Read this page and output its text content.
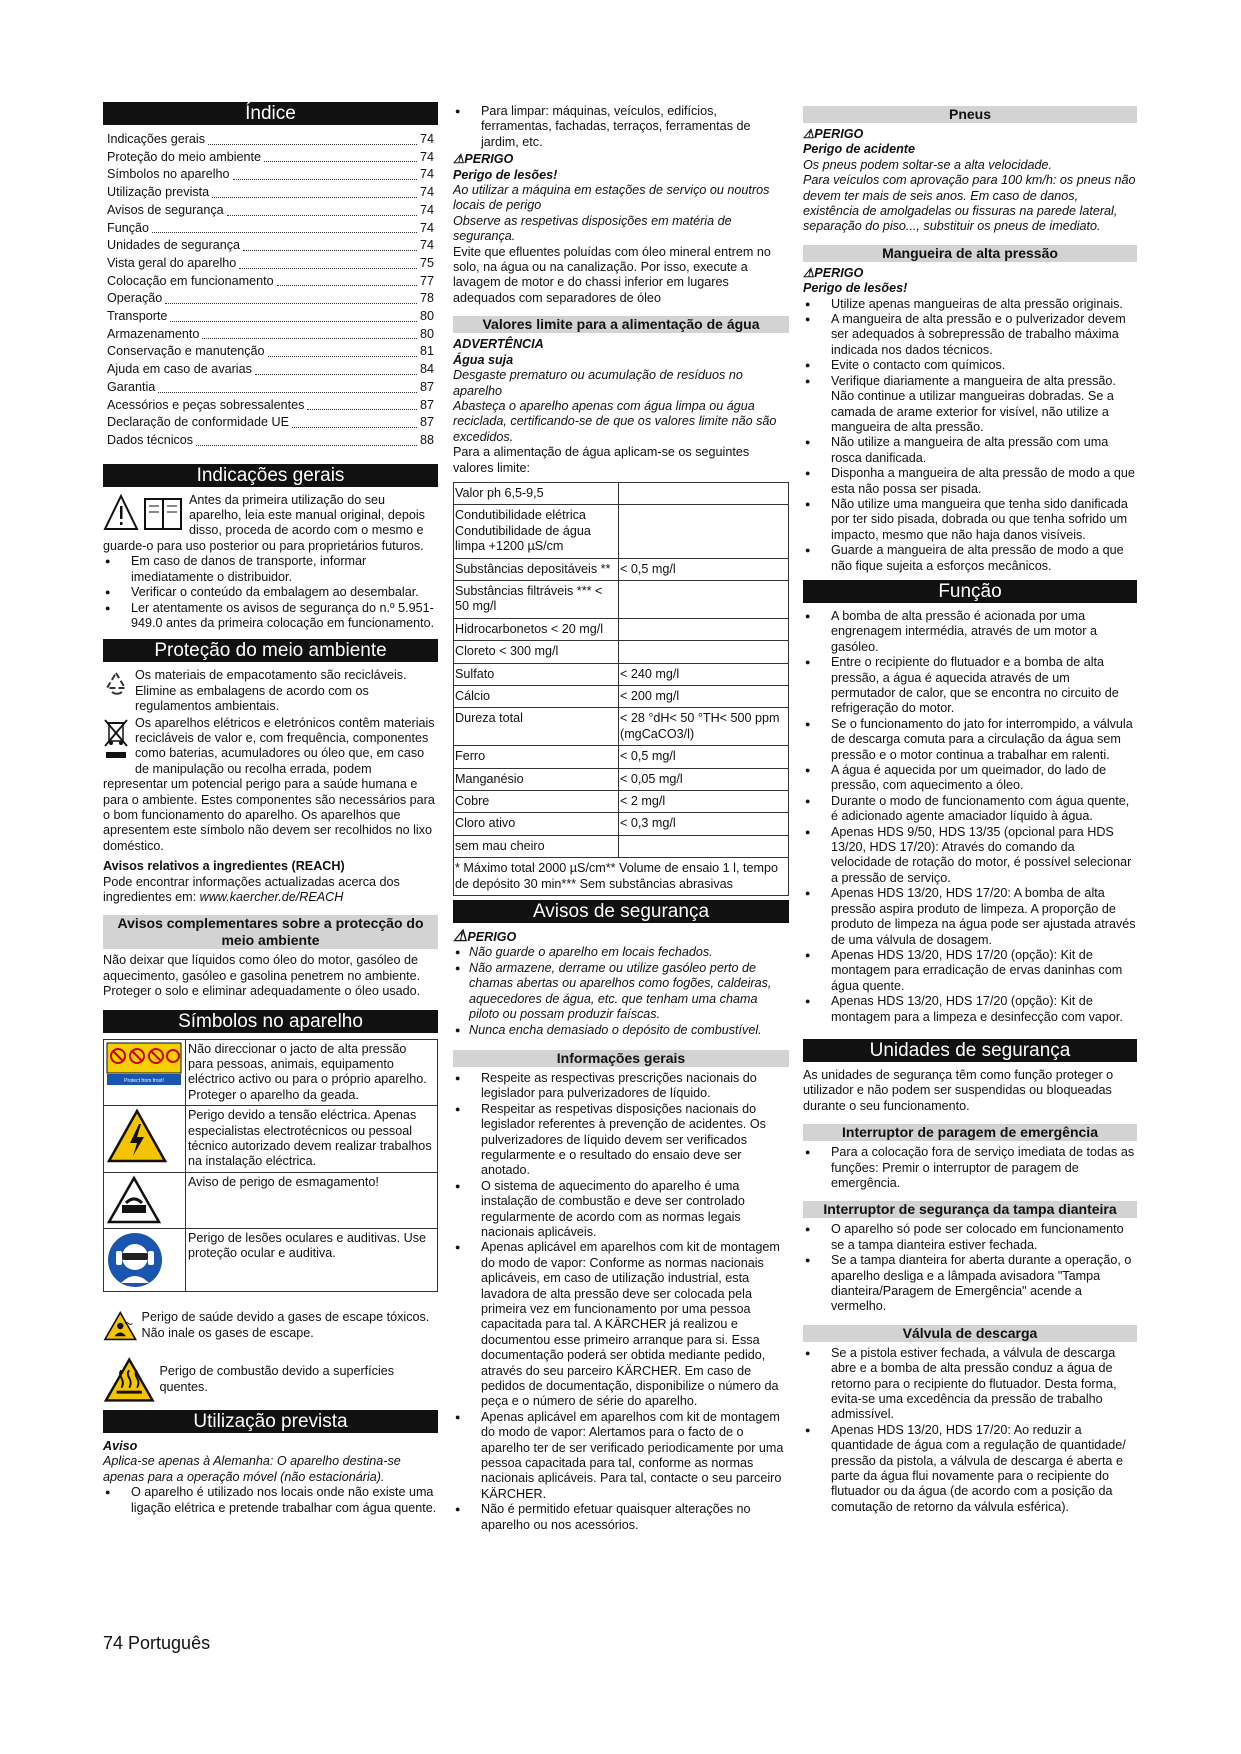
Índice
Indicações gerais	74
Proteção do meio ambiente	74
Símbolos no aparelho	74
Utilização prevista	74
Avisos de segurança	74
Função	74
Unidades de segurança	74
Vista geral do aparelho	75
Colocação em funcionamento	77
Operação	78
Transporte	80
Armazenamento	80
Conservação e manutenção	81
Ajuda em caso de avarias	84
Garantia	87
Acessórios e peças sobressalentes	87
Declaração de conformidade UE	87
Dados técnicos	88
Indicações gerais

Antes da primeira utilização do seu aparelho, leia este manual original, depois disso, proceda de acordo com o mesmo e guarde-o para uso posterior ou para proprietários futuros.

● Em caso de danos de transporte, informar imediatamente o distribuidor.
● Verificar o conteúdo da embalagem ao desembalar.
● Ler atentamente os avisos de segurança do n.º 5.951-949.0 antes da primeira colocação em funcionamento.
Proteção do meio ambiente

Os materiais de empacotamento são recicláveis. Elimine as embalagens de acordo com os regulamentos ambientais.

Os aparelhos elétricos e eletrónicos contêm materiais recicláveis de valor e, com frequência, componentes como baterias, acumuladores ou óleo que, em caso de manipulação ou recolha errada, podem representar um potencial perigo para a saúde humana e para o ambiente. Estes componentes são necessários para o bom funcionamento do aparelho. Os aparelhos que apresentem este símbolo não devem ser recolhidos no lixo doméstico.

Avisos relativos a ingredientes (REACH)

Pode encontrar informações actualizadas acerca dos ingredientes em: www.kaercher.de/REACH

Avisos complementares sobre a protecção do meio ambiente

Não deixar que líquidos como óleo do motor, gasóleo de aquecimento, gasóleo e gasolina penetrem no ambiente. Proteger o solo e eliminar adequadamente o óleo usado.

Símbolos no aparelho
Protect from frost!	Não direccionar o jacto de alta pressão para pessoas, animais, equipamento eléctrico activo ou para o próprio aparelho.

Proteger o aparelho da geada.

	Perigo devido a tensão eléctrica. Apenas especialistas electrotécnicos ou pessoal técnico autorizado devem realizar trabalhos na instalação eléctrica.

	Aviso de perigo de esmagamento!

	Perigo de lesões oculares e auditivas. Use proteção ocular e auditiva.

Perigo de saúde devido a gases de escape tóxicos. Não inale os gases de escape.

Perigo de combustão devido a superfícies quentes.

Utilização prevista

Aviso

Aplica-se apenas à Alemanha: O aparelho destina-se apenas para a operação móvel (não estacionária).

● O aparelho é utilizado nos locais onde não existe uma ligação elétrica e pretende trabalhar com água quente.
● Para limpar: máquinas, veículos, edifícios, ferramentas, fachadas, terraços, ferramentas de jardim, etc.

⚠PERIGO

Perigo de lesões!

Ao utilizar a máquina em estações de serviço ou noutros locais de perigo

Observe as respetivas disposições em matéria de segurança.

Evite que efluentes poluídas com óleo mineral entrem no solo, na água ou na canalização. Por isso, execute a lavagem de motor e do chassi inferior em lugares adequados com separadores de óleo

Valores limite para a alimentação de água

ADVERTÊNCIA

Água suja

Desgaste prematuro ou acumulação de resíduos no aparelho

Abasteça o aparelho apenas com água limpa ou água reciclada, certificando-se de que os valores limite não são excedidos.

Para a alimentação de água aplicam-se os seguintes valores limite:

Valor ph 6,5-9,5	
Condutibilidade elétrica Condutibilidade de água limpa +1200 µS/cm	
Substâncias depositáveis **	< 0,5 mg/l
Substâncias filtráveis *** < 50 mg/l	
Hidrocarbonetos < 20 mg/l	
Cloreto < 300 mg/l	
Sulfato	< 240 mg/l
Cálcio	< 200 mg/l
Dureza total	< 28 °dH< 50 °TH< 500 ppm (mgCaCO3/l)
Ferro	< 0,5 mg/l
Manganésio	< 0,05 mg/l
Cobre	< 2 mg/l
Cloro ativo	< 0,3 mg/l
sem mau cheiro	
* Máximo total 2000 µS/cm** Volume de ensaio 1 l, tempo de depósito 30 min*** Sem substâncias abrasivas	
Avisos de segurança

⚠PERIGO

● Não guarde o aparelho em locais fechados.
● Não armazene, derrame ou utilize gasóleo perto de chamas abertas ou aparelhos como fogões, caldeiras, aquecedores de água, etc. que tenham uma chama piloto ou possam produzir faíscas.
● Nunca encha demasiado o depósito de combustível.
Informações gerais
● Respeite as respectivas prescrições nacionais do legislador para pulverizadores de líquido.
● Respeitar as respetivas disposições nacionais do legislador referentes à prevenção de acidentes. Os pulverizadores de líquido devem ser verificados regularmente e o resultado do ensaio deve ser anotado.
● O sistema de aquecimento do aparelho é uma instalação de combustão e deve ser controlado regularmente de acordo com as normas legais nacionais aplicáveis.
● Apenas aplicável em aparelhos com kit de montagem do modo de vapor: Conforme as normas nacionais aplicáveis, em caso de utilização industrial, esta lavadora de alta pressão deve ser colocada pela primeira vez em funcionamento por uma pessoa capacitada para tal. A KÄRCHER já realizou e documentou esse primeiro arranque para si. Essa documentação poderá ser obtida mediante pedido, através do seu parceiro KÄRCHER. Em caso de pedidos de documentação, disponibilize o número da peça e o número de série do aparelho.
● Apenas aplicável em aparelhos com kit de montagem do modo de vapor: Alertamos para o facto de o aparelho ter de ser verificado periodicamente por uma pessoa capacitada para tal, conforme as normas nacionais aplicáveis. Para tal, contacte o seu parceiro KÄRCHER.
● Não é permitido efetuar quaisquer alterações no aparelho ou nos acessórios.
Pneus

⚠PERIGO

Perigo de acidente

Os pneus podem soltar-se a alta velocidade.

Para veículos com aprovação para 100 km/h: os pneus não devem ter mais de seis anos. Em caso de danos, existência de amolgadelas ou fissuras na parede lateral, separação do piso..., substituir os pneus de imediato.

Mangueira de alta pressão

⚠PERIGO

Perigo de lesões!

● Utilize apenas mangueiras de alta pressão originais.
● A mangueira de alta pressão e o pulverizador devem ser adequados à sobrepressão de trabalho máxima indicada nos dados técnicos.
● Evite o contacto com químicos.
● Verifique diariamente a mangueira de alta pressão. Não continue a utilizar mangueiras dobradas. Se a camada de arame exterior for visível, não utilize a mangueira de alta pressão.
● Não utilize a mangueira de alta pressão com uma rosca danificada.
● Disponha a mangueira de alta pressão de modo a que esta não possa ser pisada.
● Não utilize uma mangueira que tenha sido danificada por ter sido pisada, dobrada ou que tenha sofrido um impacto, mesmo que não haja danos visíveis.
● Guarde a mangueira de alta pressão de modo a que não fique sujeita a esforços mecânicos.
Função
● A bomba de alta pressão é acionada por uma engrenagem intermédia, através de um motor a gasóleo.
● Entre o recipiente do flutuador e a bomba de alta pressão, a água é aquecida através de um permutador de calor, que se encontra no circuito de refrigeração do motor.
● Se o funcionamento do jato for interrompido, a válvula de descarga comuta para a circulação da água sem pressão e o motor continua a trabalhar em ralenti.
● A água é aquecida por um queimador, do lado de pressão, com aquecimento a óleo.
● Durante o modo de funcionamento com água quente, é adicionado agente amaciador líquido à água.
● Apenas HDS 9/50, HDS 13/35 (opcional para HDS 13/20, HDS 17/20): Através do comando da velocidade de rotação do motor, é possível selecionar a pressão de serviço.
● Apenas HDS 13/20, HDS 17/20: A bomba de alta pressão aspira produto de limpeza. A proporção de produto de limpeza na água pode ser ajustada através de uma válvula de dosagem.
● Apenas HDS 13/20, HDS 17/20 (opção): Kit de montagem para erradicação de ervas daninhas com água quente.
● Apenas HDS 13/20, HDS 17/20 (opção): Kit de montagem para a limpeza e desinfecção com vapor.
Unidades de segurança

As unidades de segurança têm como função proteger o utilizador e não podem ser suspendidas ou bloqueadas durante o seu funcionamento.

Interruptor de paragem de emergência
● Para a colocação fora de serviço imediata de todas as funções: Premir o interruptor de paragem de emergência.
Interruptor de segurança da tampa dianteira
● O aparelho só pode ser colocado em funcionamento se a tampa dianteira estiver fechada.
● Se a tampa dianteira for aberta durante a operação, o aparelho desliga e a lâmpada avisadora "Tampa dianteira/Paragem de Emergência" acende a vermelho.
Válvula de descarga
● Se a pistola estiver fechada, a válvula de descarga abre e a bomba de alta pressão conduz a água de retorno para o recipiente do flutuador. Desta forma, evita-se uma excedência da pressão de trabalho admissível.
● Apenas HDS 13/20, HDS 17/20: Ao reduzir a quantidade de água com a regulação de quantidade/ pressão da pistola, a válvula de descarga é aberta e parte da água flui novamente para o recipiente do flutuador ou da água (de acordo com a posição da comutação de retorno da válvula esférica).
74 Português
